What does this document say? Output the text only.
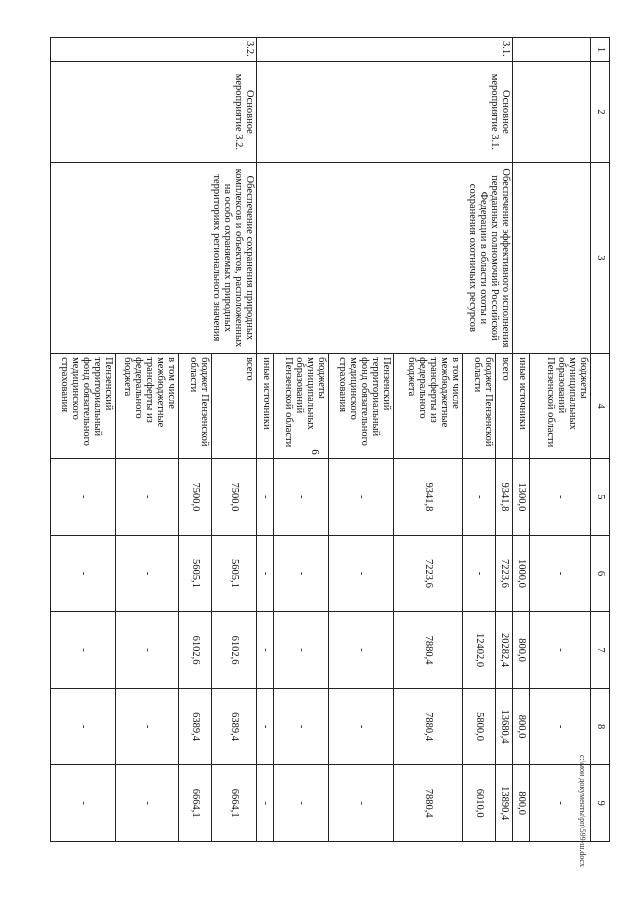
6
1	2	3	4	5	6	7	8	9
			бюджеты муниципальных образований Пензенской области	-	-	-	-	-
			иные источники	1300,0	1000,0	800,0	800,0	800,0
3.1.	Основное мероприятие 3.1.	Обеспечение эффективного исполнения переданных полномочий Российской Федерации в области охоты и сохранения охотничьих ресурсов	всего	9341,8	7223,6	20282,4	13680,4	13890,4
			бюджет Пензенской области	-	-	12402,0	5800,0	6010,0
			в том числе межбюджетные трансферты из федерального бюджета	9341,8	7223,6	7880,4	7880,4	7880,4
			Пензенский территориальный фонд обязательного медицинского страхования	-	-	-	-	-
			бюджеты муниципальных образований Пензенской области	-	-	-	-	-
			иные источники	-	-	-	-	-
3.2.	Основное мероприятие 3.2.	Обеспечение сохранения природных комплексов и объектов, расположенных на особо охраняемых природных территориях регионального значения	всего	7500,0	5605,1	6102,6	6389,4	6664,1
			бюджет Пензенской области	7500,0	5605,1	6102,6	6389,4	6664,1
			в том числе межбюджетные трансферты из федерального бюджета	-	-	-	-	-
			Пензенский территориальный фонд обязательного медицинского страхования	-	-	-	-	-	c:\мои документы\рп\599-ш.docx
